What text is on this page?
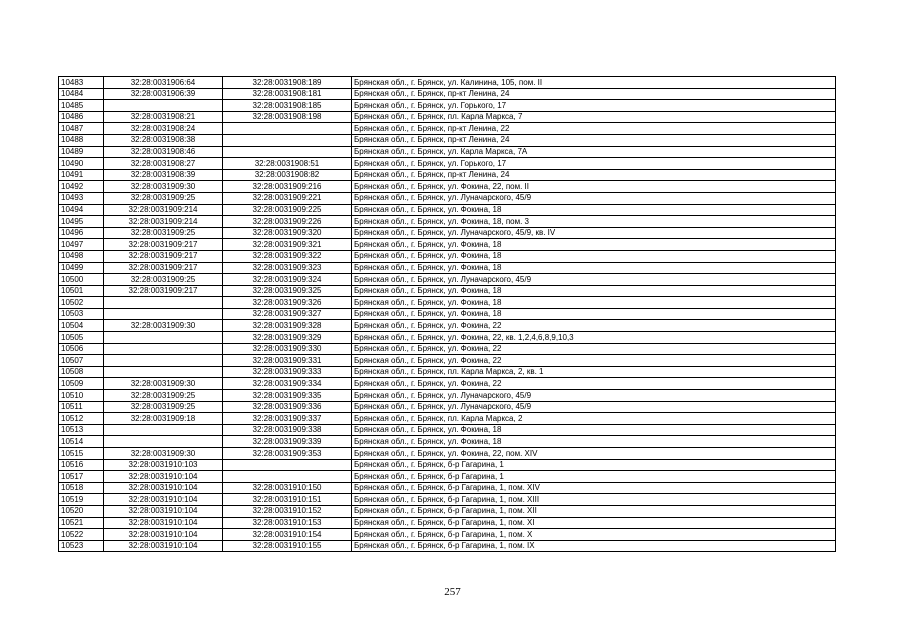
10483	32:28:0031906:64	32:28:0031908:189	Брянская обл., г. Брянск, ул. Калинина, 105, пом. II
10484	32:28:0031906:39	32:28:0031908:181	Брянская обл., г. Брянск, пр-кт Ленина, 24
10485		32:28:0031908:185	Брянская обл., г. Брянск, ул. Горького, 17
10486	32:28:0031908:21	32:28:0031908:198	Брянская обл., г. Брянск, пл. Карла Маркса, 7
10487	32:28:0031908:24		Брянская обл., г. Брянск, пр-кт Ленина, 22
10488	32:28:0031908:38		Брянская обл., г. Брянск, пр-кт Ленина, 24
10489	32:28:0031908:46		Брянская обл., г. Брянск, ул. Карла Маркса, 7А
10490	32:28:0031908:27	32:28:0031908:51	Брянская обл., г. Брянск, ул. Горького, 17
10491	32:28:0031908:39	32:28:0031908:82	Брянская обл., г. Брянск, пр-кт Ленина, 24
10492	32:28:0031909:30	32:28:0031909:216	Брянская обл., г. Брянск, ул. Фокина, 22, пом. II
10493	32:28:0031909:25	32:28:0031909:221	Брянская обл., г. Брянск, ул. Луначарского, 45/9
10494	32:28:0031909:214	32:28:0031909:225	Брянская обл., г. Брянск, ул. Фокина, 18
10495	32:28:0031909:214	32:28:0031909:226	Брянская обл., г. Брянск, ул. Фокина, 18, пом. 3
10496	32:28:0031909:25	32:28:0031909:320	Брянская обл., г. Брянск, ул. Луначарского, 45/9, кв. IV
10497	32:28:0031909:217	32:28:0031909:321	Брянская обл., г. Брянск, ул. Фокина, 18
10498	32:28:0031909:217	32:28:0031909:322	Брянская обл., г. Брянск, ул. Фокина, 18
10499	32:28:0031909:217	32:28:0031909:323	Брянская обл., г. Брянск, ул. Фокина, 18
10500	32:28:0031909:25	32:28:0031909:324	Брянская обл., г. Брянск, ул. Луначарского, 45/9
10501	32:28:0031909:217	32:28:0031909:325	Брянская обл., г. Брянск, ул. Фокина, 18
10502		32:28:0031909:326	Брянская обл., г. Брянск, ул. Фокина, 18
10503		32:28:0031909:327	Брянская обл., г. Брянск, ул. Фокина, 18
10504	32:28:0031909:30	32:28:0031909:328	Брянская обл., г. Брянск, ул. Фокина, 22
10505		32:28:0031909:329	Брянская обл., г. Брянск, ул. Фокина, 22, кв. 1,2,4,6,8,9,10,3
10506		32:28:0031909:330	Брянская обл., г. Брянск, ул. Фокина, 22
10507		32:28:0031909:331	Брянская обл., г. Брянск, ул. Фокина, 22
10508		32:28:0031909:333	Брянская обл., г. Брянск, пл. Карла Маркса, 2, кв. 1
10509	32:28:0031909:30	32:28:0031909:334	Брянская обл., г. Брянск, ул. Фокина, 22
10510	32:28:0031909:25	32:28:0031909:335	Брянская обл., г. Брянск, ул. Луначарского, 45/9
10511	32:28:0031909:25	32:28:0031909:336	Брянская обл., г. Брянск, ул. Луначарского, 45/9
10512	32:28:0031909:18	32:28:0031909:337	Брянская обл., г. Брянск, пл. Карла Маркса, 2
10513		32:28:0031909:338	Брянская обл., г. Брянск, ул. Фокина, 18
10514		32:28:0031909:339	Брянская обл., г. Брянск, ул. Фокина, 18
10515	32:28:0031909:30	32:28:0031909:353	Брянская обл., г. Брянск, ул. Фокина, 22, пом. XIV
10516	32:28:0031910:103		Брянская обл., г. Брянск, б-р Гагарина, 1
10517	32:28:0031910:104		Брянская обл., г. Брянск, б-р Гагарина, 1
10518	32:28:0031910:104	32:28:0031910:150	Брянская обл., г. Брянск, б-р Гагарина, 1, пом. XIV
10519	32:28:0031910:104	32:28:0031910:151	Брянская обл., г. Брянск, б-р Гагарина, 1, пом. XIII
10520	32:28:0031910:104	32:28:0031910:152	Брянская обл., г. Брянск, б-р Гагарина, 1, пом. XII
10521	32:28:0031910:104	32:28:0031910:153	Брянская обл., г. Брянск, б-р Гагарина, 1, пом. XI
10522	32:28:0031910:104	32:28:0031910:154	Брянская обл., г. Брянск, б-р Гагарина, 1, пом. X
10523	32:28:0031910:104	32:28:0031910:155	Брянская обл., г. Брянск, б-р Гагарина, 1, пом. IX
257
